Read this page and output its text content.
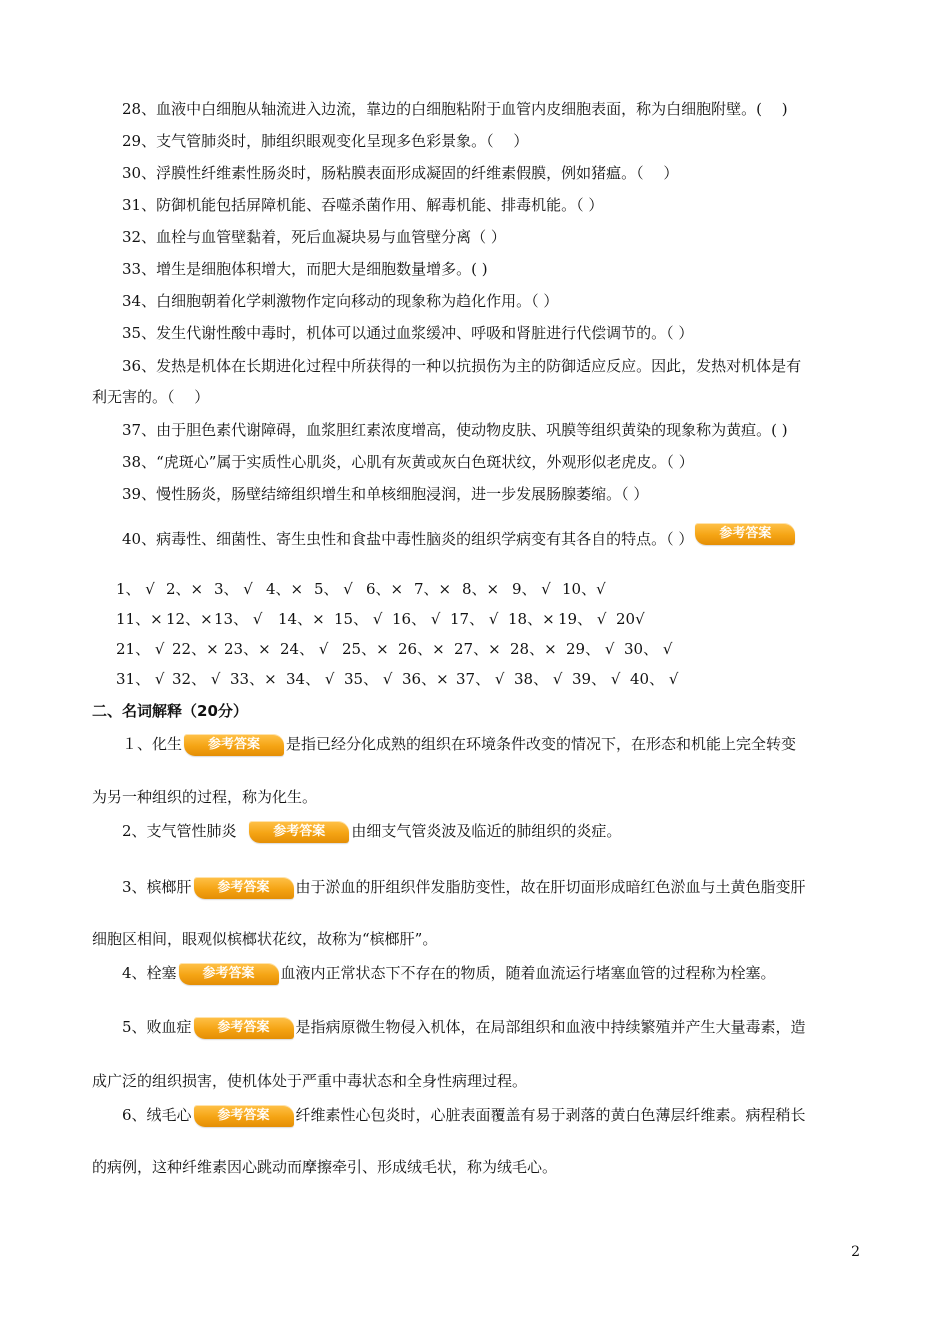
28、血液中白细胞从轴流进入边流，靠边的白细胞粘附于血管内皮细胞表面，称为白细胞附壁。(　 )
29、支气管肺炎时，肺组织眼观变化呈现多色彩景象。（　 ）
30、浮膜性纤维素性肠炎时，肠粘膜表面形成凝固的纤维素假膜，例如猪瘟。（　 ）
31、防御机能包括屏障机能、吞噬杀菌作用、解毒机能、排毒机能。（ ）
32、血栓与血管壁黏着，死后血凝块易与血管壁分离（ ）
33、增生是细胞体积增大，而肥大是细胞数量增多。( )
34、白细胞朝着化学刺激物作定向移动的现象称为趋化作用。（ ）
35、发生代谢性酸中毒时，机体可以通过血浆缓冲、呼吸和肾脏进行代偿调节的。（ ）
36、发热是机体在长期进化过程中所获得的一种以抗损伤为主的防御适应反应。因此，发热对机体是有
利无害的。（　 ）
37、由于胆色素代谢障碍，血浆胆红素浓度增高，使动物皮肤、巩膜等组织黄染的现象称为黄疸。( )
38、“虎斑心”属于实质性心肌炎，心肌有灰黄或灰白色斑状纹，外观形似老虎皮。（ ）
39、慢性肠炎，肠壁结缔组织增生和单核细胞浸润，进一步发展肠腺萎缩。（ ）
40、病毒性、细菌性、寄生虫性和食盐中毒性脑炎的组织学病变有其各自的特点。（ ） 参考答案
1、 √ 2、× 3、 √ 4、× 5、 √ 6、× 7、× 8、× 9、 √ 10、√
11、× 12、×13、 √ 14、× 15、 √ 16、 √ 17、 √ 18、× 19、 √ 20√
21、 √ 22、× 23、× 24、 √ 25、× 26、× 27、× 28、× 29、 √ 30、 √
31、 √ 32、 √ 33、× 34、 √ 35、 √ 36、× 37、 √ 38、 √ 39、 √ 40、 √
二、名词解释（20分）
１、化生 参考答案 是指已经分化成熟的组织在环境条件改变的情况下，在形态和机能上完全转变
为另一种组织的过程，称为化生。
2、支气管性肺炎 参考答案 由细支气管炎波及临近的肺组织的炎症。
3、槟榔肝 参考答案 由于淤血的肝组织伴发脂肪变性，故在肝切面形成暗红色淤血与土黄色脂变肝
细胞区相间，眼观似槟榔状花纹，故称为“槟榔肝”。
4、栓塞 参考答案 血液内正常状态下不存在的物质，随着血流运行堵塞血管的过程称为栓塞。
5、败血症 参考答案 是指病原微生物侵入机体，在局部组织和血液中持续繁殖并产生大量毒素，造
成广泛的组织损害，使机体处于严重中毒状态和全身性病理过程。
6、绒毛心 参考答案 纤维素性心包炎时，心脏表面覆盖有易于剥落的黄白色薄层纤维素。病程稍长
的病例，这种纤维素因心跳动而摩擦牵引、形成绒毛状，称为绒毛心。
2
